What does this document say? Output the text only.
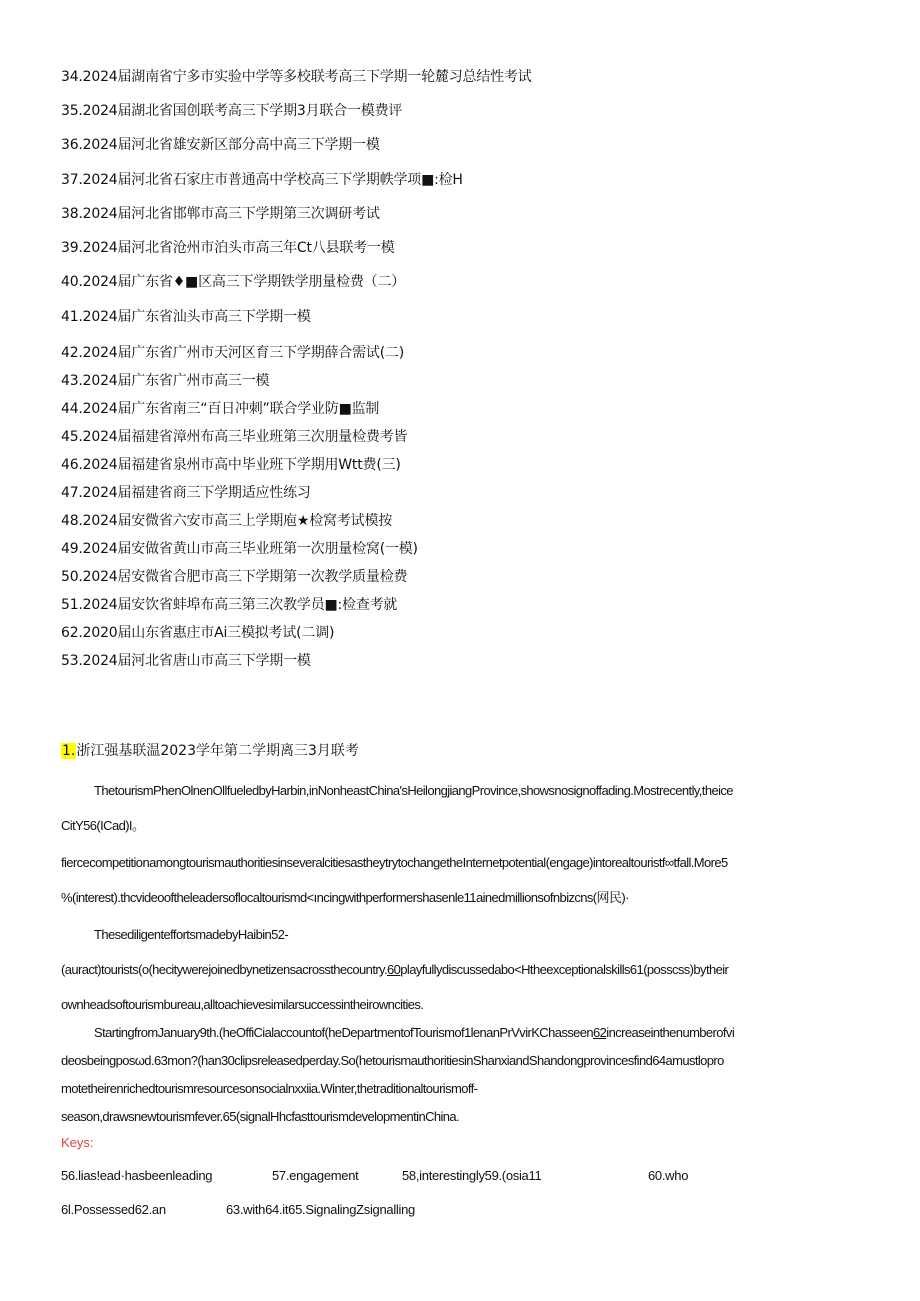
34.2024届湖南省宁多市实验中学等多校联考高三下学期一轮麓习总结性考试
35.2024届湖北省国创联考高三下学期3月联合一模费评
36.2024届河北省雄安新区部分高中高三下学期一模
37.2024届河北省石家庄市普通高中学校高三下学期帙学项■:检H
38.2024届河北省邯郸市高三下学期第三次调研考试
39.2024届河北省沧州市泊头市高三年Ct八县联考一模
40.2024届广东省♦■区高三下学期铁学朋量检费（二）
41.2024届广东省汕头市高三下学期一模
42.2024届广东省广州市天河区育三下学期薛合需试(二)
43.2024届广东省广州市高三一模
44.2024届广东省南三“百日冲刺”联合学业防■监制
45.2024届福建省漳州布高三毕业班第三次朋量检费考皆
46.2024届福建省泉州市高中毕业班下学期用Wtt费(三)
47.2024届福建省商三下学期适应性练习
48.2024届安微省六安市高三上学期庖★检窝考试模按
49.2024届安做省黄山市高三毕业班第一次朋量检窝(一模)
50.2024居安微省合肥市高三下学期第一次教学质量检费
51.2024届安饮省蚌埠布高三第三次教学员■:检查考就
62.2020届山东省惠庄市Ai三模拟考试(二调)
53.2024届河北省唐山市高三下学期一模
1.浙江强基联温2023学年第二学期离三3月联考
ThetourismPhenOlnenOllfueledbyHarbin,inNonheastChina'sHeilongjiangProvince,showsnosignoffading.Mostrecently,theice
CitY56(ICad)I。
fiercecompetitionamongtourismauthoritiesinseveralcitiesastheytrytochangetheInternetpotential(engage)intorealtouristf∞tfall.More5
%(interest).thcvideooftheleadersoflocaltourismd<ıncingwithperformershasenle11ainedmillionsofnbizcns(网民)·
ThesediligenteffortsmadebyHaibin52-
(auract)tourists(o(hecitywerejoinedbynetizensacrossthecountry.60playfullydiscussedabo<Htheexceptionalskills61(posscss)bytheir
ownheadsoftourismbureau,alltoachievesimilarsuccessintheirowncities.
StartingfromJanuary9th.(heOffiCialaccountof(heDepartmentofTourismof1lenanPrVvirKChasseen62increaseinthenumberofvi
deosbeingposωd.63mon?(han30clipsreleasedperday.So(hetourismauthoritiesinShanxiandShandongprovincesfind64amustlopro
motetheirenrichedtourismresourcesonsocialnxxiia.Winter,thetraditionaltourismoff-
season,drawsnewtourismfever.65(signalHhcfasttourismdevelopmentinChina.
Keys:
56.lias!ead·hasbeenleading	57.engagement	58,interestingly59.(osia11	60.who
6l.Possessed62.an	63.with64.it65.SignalingZsignalling
